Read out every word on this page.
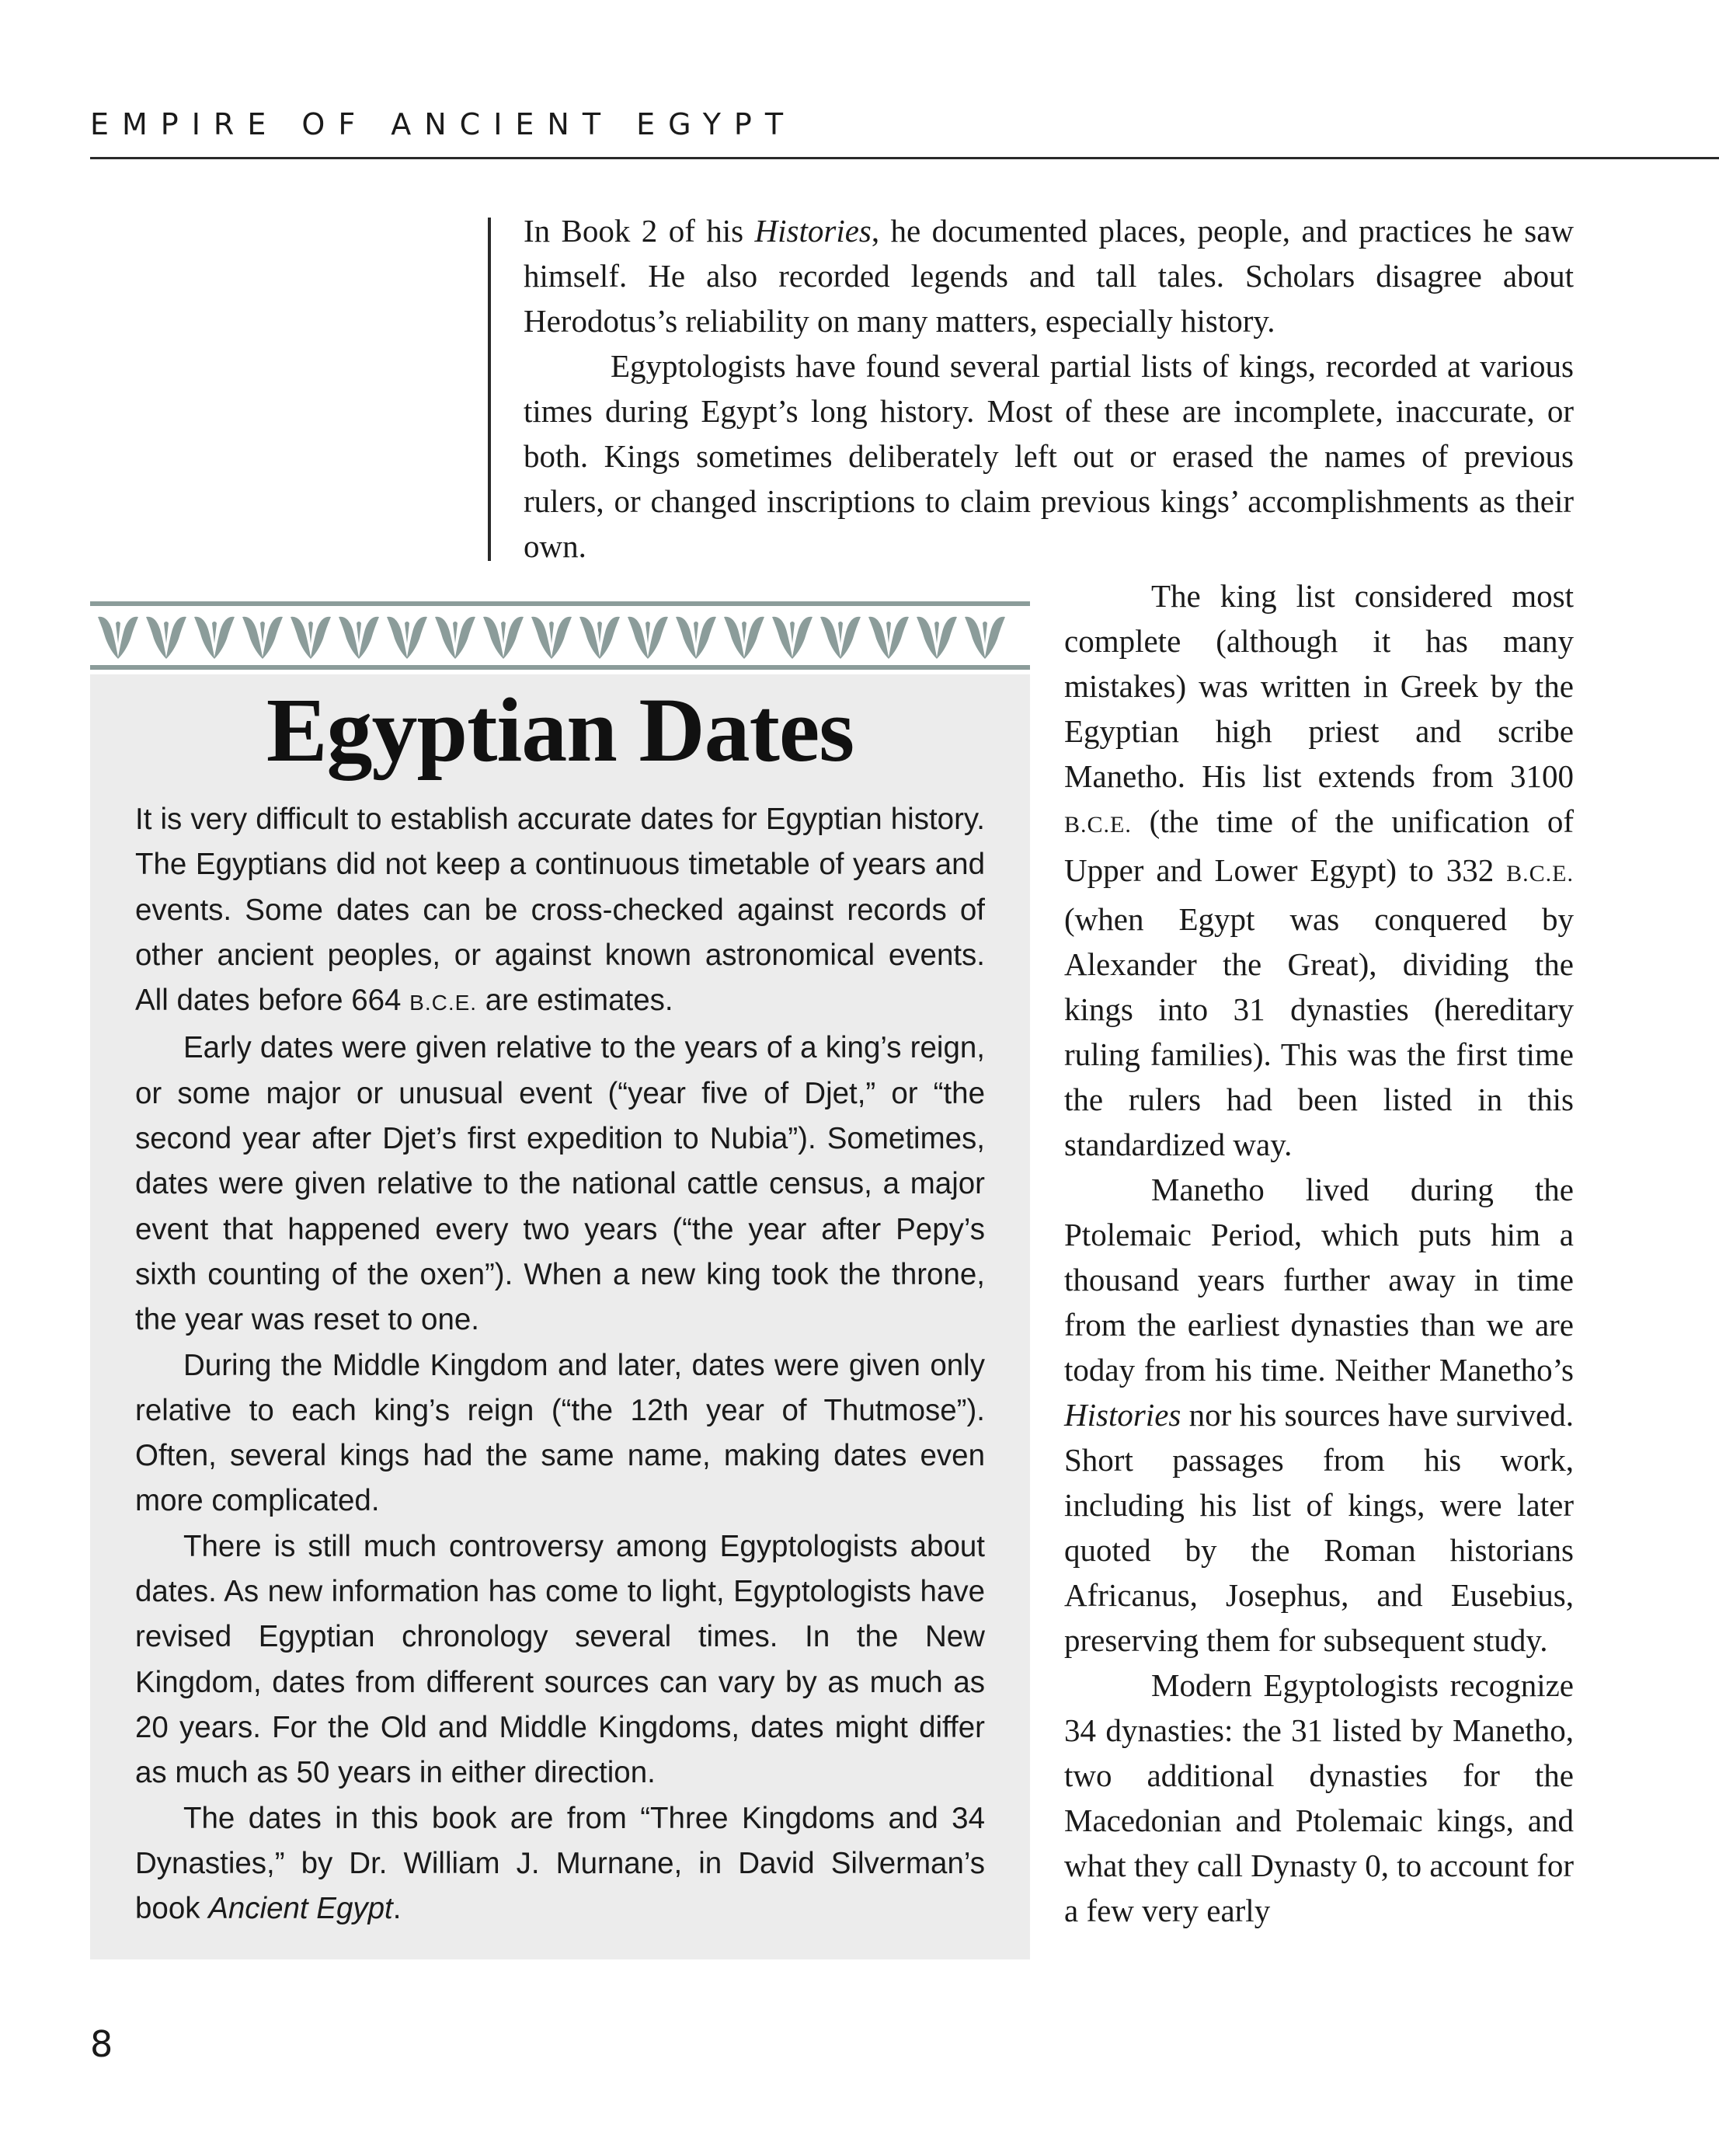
EMPIRE OF ANCIENT EGYPT

In Book 2 of his Histories, he documented places, people, and practices he saw himself. He also recorded legends and tall tales. Scholars disagree about Herodotus’s reliability on many matters, especially history.

Egyptologists have found several partial lists of kings, recorded at various times during Egypt’s long history. Most of these are incomplete, inaccurate, or both. Kings sometimes deliberately left out or erased the names of previous rulers, or changed inscriptions to claim previous kings’ accomplishments as their own.

Egyptian Dates

It is very difficult to establish accurate dates for Egyptian history. The Egyptians did not keep a continuous timetable of years and events. Some dates can be cross-checked against records of other ancient peoples, or against known astronomical events. All dates before 664 B.C.E. are estimates.

Early dates were given relative to the years of a king’s reign, or some major or unusual event (“year five of Djet,” or “the second year after Djet’s first expedition to Nubia”). Sometimes, dates were given relative to the national cattle census, a major event that happened every two years (“the year after Pepy’s sixth counting of the oxen”). When a new king took the throne, the year was reset to one.

During the Middle Kingdom and later, dates were given only relative to each king’s reign (“the 12th year of Thutmose”). Often, several kings had the same name, making dates even more complicated.

There is still much controversy among Egyptologists about dates. As new information has come to light, Egyptologists have revised Egyptian chronology several times. In the New Kingdom, dates from different sources can vary by as much as 20 years. For the Old and Middle Kingdoms, dates might differ as much as 50 years in either direction.

The dates in this book are from “Three Kingdoms and 34 Dynasties,” by Dr. William J. Murnane, in David Silverman’s book Ancient Egypt.

The king list considered most complete (although it has many mistakes) was written in Greek by the Egyptian high priest and scribe Manetho. His list extends from 3100 B.C.E. (the time of the unification of Upper and Lower Egypt) to 332 B.C.E. (when Egypt was conquered by Alexander the Great), dividing the kings into 31 dynasties (hereditary ruling families). This was the first time the rulers had been listed in this standardized way.

Manetho lived during the Ptolemaic Period, which puts him a thousand years further away in time from the earliest dynasties than we are today from his time. Neither Manetho’s Histories nor his sources have survived. Short passages from his work, including his list of kings, were later quoted by the Roman historians Africanus, Josephus, and Eusebius, preserving them for subsequent study.

Modern Egyptologists recognize 34 dynasties: the 31 listed by Manetho, two additional dynasties for the Macedonian and Ptolemaic kings, and what they call Dynasty 0, to account for a few very early

8
